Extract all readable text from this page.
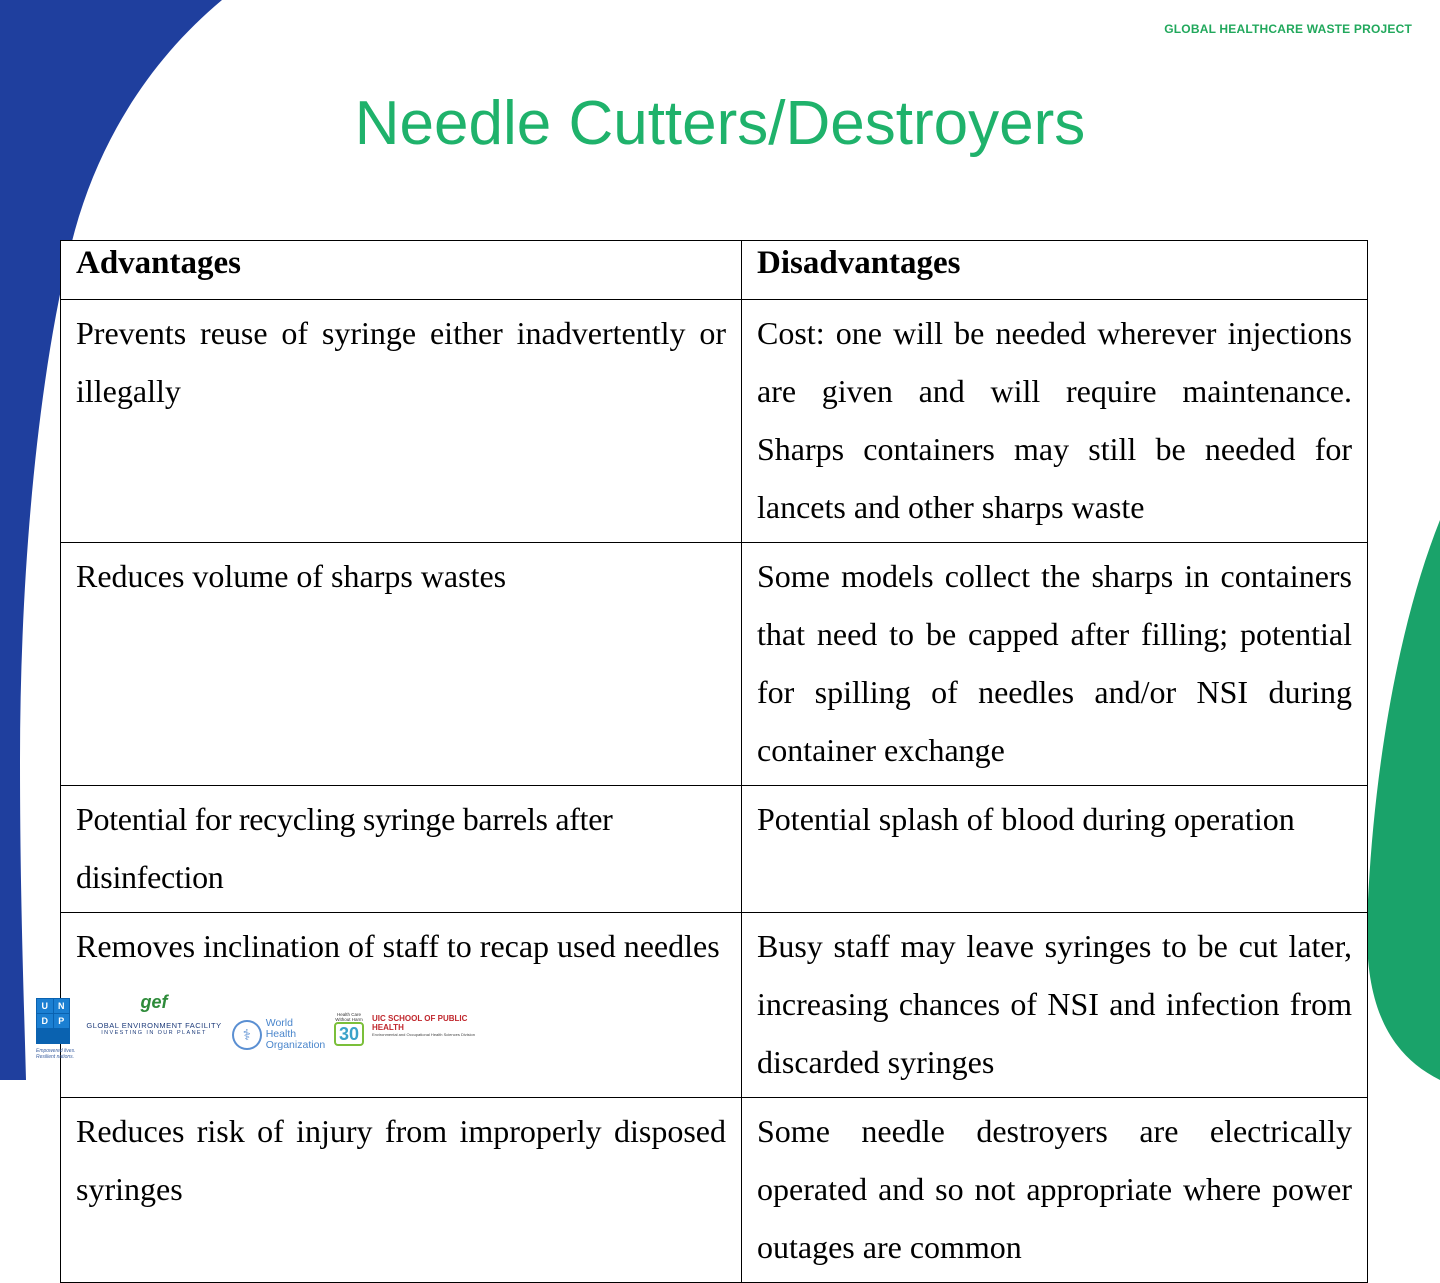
GLOBAL HEALTHCARE WASTE PROJECT
Needle Cutters/Destroyers
Advantages	Disadvantages
Prevents reuse of syringe either inadvertently or illegally	Cost: one will be needed wherever injections are given and will require maintenance. Sharps containers may still be needed for lancets and other sharps waste
Reduces volume of sharps wastes	Some models collect the sharps in containers that need to be capped after filling; potential for spilling of needles and/or NSI during container exchange
Potential for recycling syringe barrels after disinfection	Potential splash of blood during operation
Removes inclination of staff to recap used needles	Busy staff may leave syringes to be cut later, increasing chances of NSI and infection from discarded syringes
Reduces risk of injury from improperly disposed syringes	Some needle destroyers are electrically operated and so not appropriate where power outages are common
U	N
D	P
Empowered lives. Resilient nations.
gef
GLOBAL ENVIRONMENT FACILITY
INVESTING IN OUR PLANET	⚕
World Health
Organization
Health Care Without Harm
30
UIC SCHOOL OF PUBLIC HEALTH
Environmental and Occupational Health Sciences Division
